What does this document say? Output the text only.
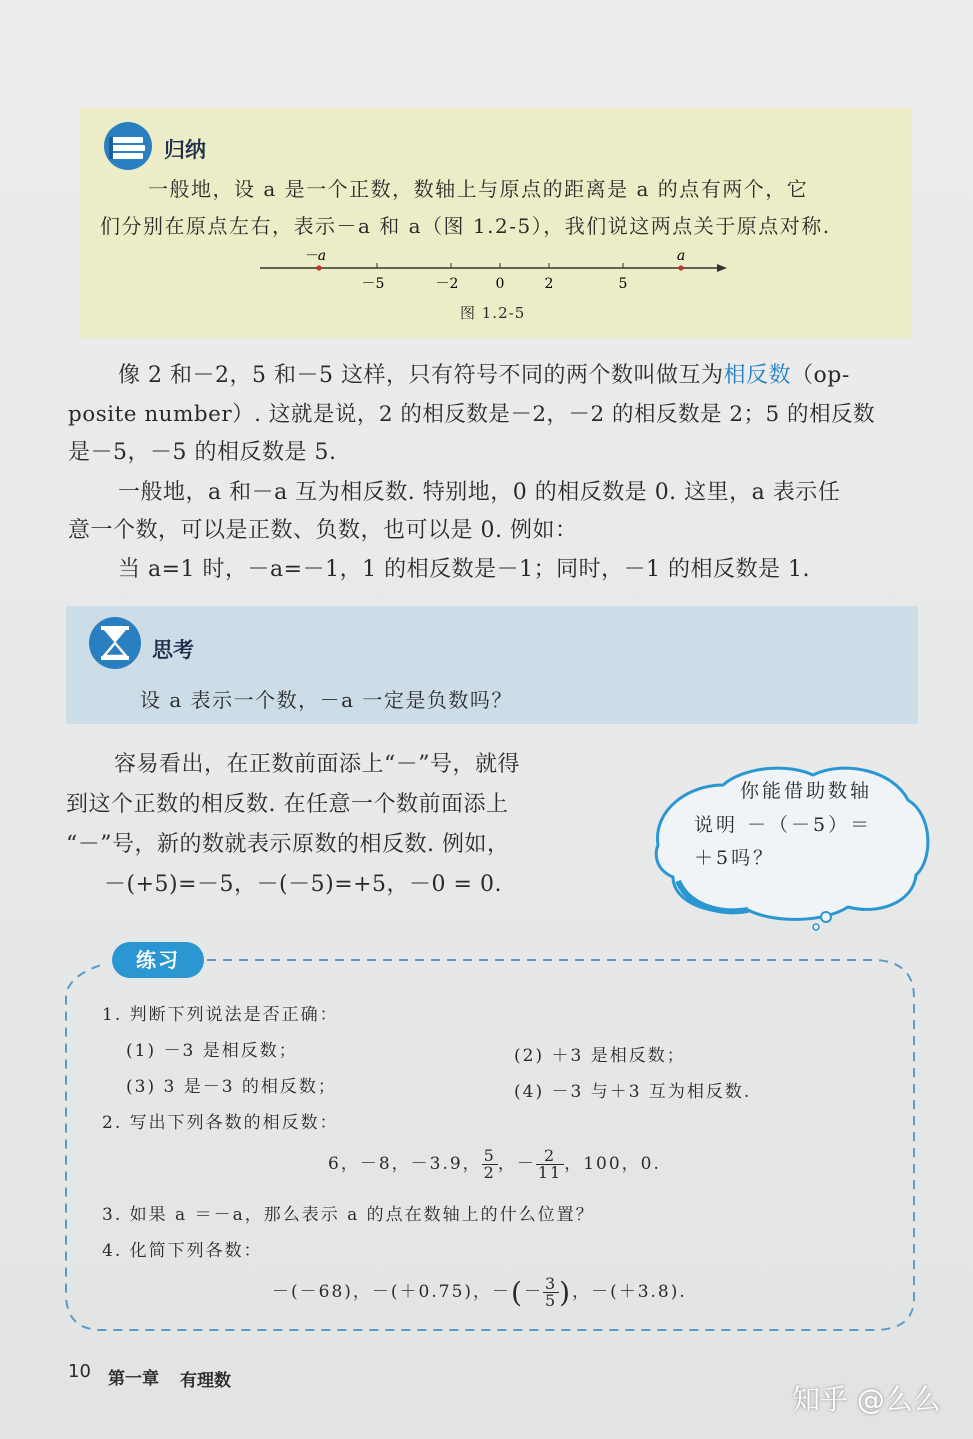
归纳
一般地，设 a 是一个正数，数轴上与原点的距离是 a 的点有两个，它
们分别在原点左右，表示－a 和 a（图 1.2-5），我们说这两点关于原点对称.
－a	a
－5	－2	0	2	5
图 1.2-5
像 2 和－2，5 和－5 这样，只有符号不同的两个数叫做互为相反数（op-
posite number）. 这就是说，2 的相反数是－2，－2 的相反数是 2；5 的相反数
是－5，－5 的相反数是 5.
一般地，a 和－a 互为相反数. 特别地，0 的相反数是 0. 这里，a 表示任
意一个数，可以是正数、负数，也可以是 0. 例如：
当 a=1 时，－a=－1，1 的相反数是－1；同时，－1 的相反数是 1.
思考
设 a 表示一个数，－a 一定是负数吗？
容易看出，在正数前面添上“－”号，就得
到这个正数的相反数. 在任意一个数前面添上
“－”号，新的数就表示原数的相反数. 例如，
－(+5)=－5，－(－5)=+5，－0 = 0.
你能借助数轴
说明 －（－5）＝
＋5吗？
练习
1. 判断下列说法是否正确：
(1) －3 是相反数；	(2) ＋3 是相反数；
(3) 3 是－3 的相反数；	(4) －3 与＋3 互为相反数.
2. 写出下列各数的相反数：
6，－8，－3.9， $\frac{5}{2}$ ，－ $\frac{2}{11}$ ，100，0.
3. 如果 a ＝－a，那么表示 a 的点在数轴上的什么位置？
4. 化简下列各数：
－(－68)，－(＋0.75)，－(－ $\frac{3}{5}$ )，－(＋3.8).
10 第一章 有理数
知乎 @么么
